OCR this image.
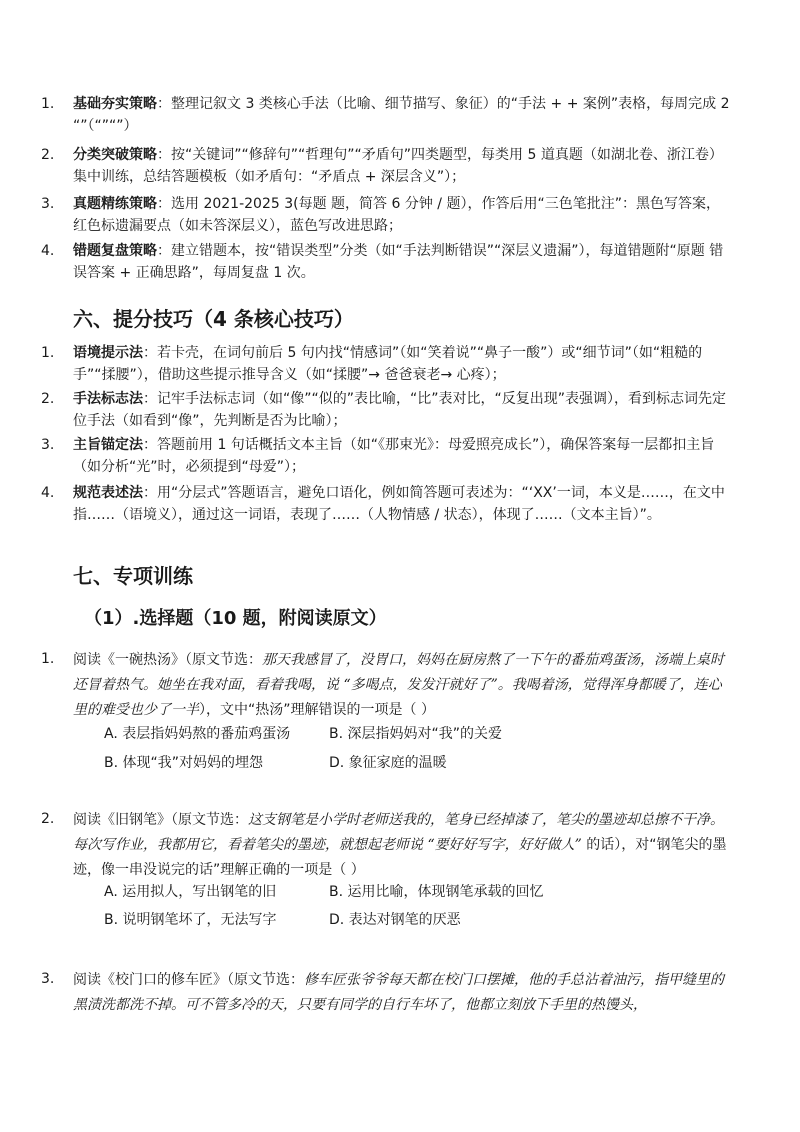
1. 基础夯实策略：整理记叙文 3 类核心手法（比喻、细节描写、象征）的“手法 + + 案例”表格，每周完成 2 “”（“”“”）
2. 分类突破策略：按“关键词”“修辞句”“哲理句”“矛盾句”四类题型，每类用 5 道真题（如湖北卷、浙江卷）集中训练，总结答题模板（如矛盾句：“矛盾点 + 深层含义”）；
3. 真题精练策略：选用 2021-2025 3(每题 题，简答 6 分钟 / 题），作答后用“三色笔批注”：黑色写答案，红色标遗漏要点（如未答深层义），蓝色写改进思路；
4. 错题复盘策略：建立错题本，按“错误类型”分类（如“手法判断错误”“深层义遗漏”），每道错题附“原题 错误答案 + 正确思路”，每周复盘 1 次。
六、提分技巧（4 条核心技巧）
1. 语境提示法：若卡壳，在词句前后 5 句内找“情感词”（如“笑着说”“鼻子一酸”）或“细节词”（如“粗糙的手”“揉腰”），借助这些提示推导含义（如“揉腰”→ 爸爸衰老→ 心疼）；
2. 手法标志法：记牢手法标志词（如“像”“似的”表比喻，“比”表对比，“反复出现”表强调），看到标志词先定位手法（如看到“像”，先判断是否为比喻）；
3. 主旨锚定法：答题前用 1 句话概括文本主旨（如“《那束光》：母爱照亮成长”），确保答案每一层都扣主旨（如分析“光”时，必须提到“母爱”）；
4. 规范表述法：用“分层式”答题语言，避免口语化，例如简答题可表述为：“‘XX’一词，本义是……，在文中指……（语境义），通过这一词语，表现了……（人物情感 / 状态），体现了……（文本主旨）”。
七、专项训练
（1）.选择题（10 题，附阅读原文）
1. 阅读《一碗热汤》（原文节选：那天我感冒了，没胃口，妈妈在厨房熬了一下午的番茄鸡蛋汤，汤端上桌时还冒着热气。她坐在我对面，看着我喝，说 “多喝点，发发汗就好了”。我喝着汤，觉得浑身都暖了，连心里的难受也少了一半），文中“热汤”理解错误的一项是（ ）
A. 表层指妈妈熬的番茄鸡蛋汤	B. 深层指妈妈对“我”的关爱
B. 体现“我”对妈妈的埋怨	D. 象征家庭的温暖
2. 阅读《旧钢笔》（原文节选：这支钢笔是小学时老师送我的，笔身已经掉漆了，笔尖的墨迹却总擦不干净。每次写作业，我都用它，看着笔尖的墨迹，就想起老师说 “要好好写字，好好做人” 的话），对“钢笔尖的墨迹，像一串没说完的话”理解正确的一项是（ ）
A. 运用拟人，写出钢笔的旧	B. 运用比喻，体现钢笔承载的回忆
B. 说明钢笔坏了，无法写字	D. 表达对钢笔的厌恶
3. 阅读《校门口的修车匠》（原文节选：修车匠张爷爷每天都在校门口摆摊，他的手总沾着油污，指甲缝里的黑渍洗都洗不掉。可不管多冷的天，只要有同学的自行车坏了，他都立刻放下手里的热馒头，
